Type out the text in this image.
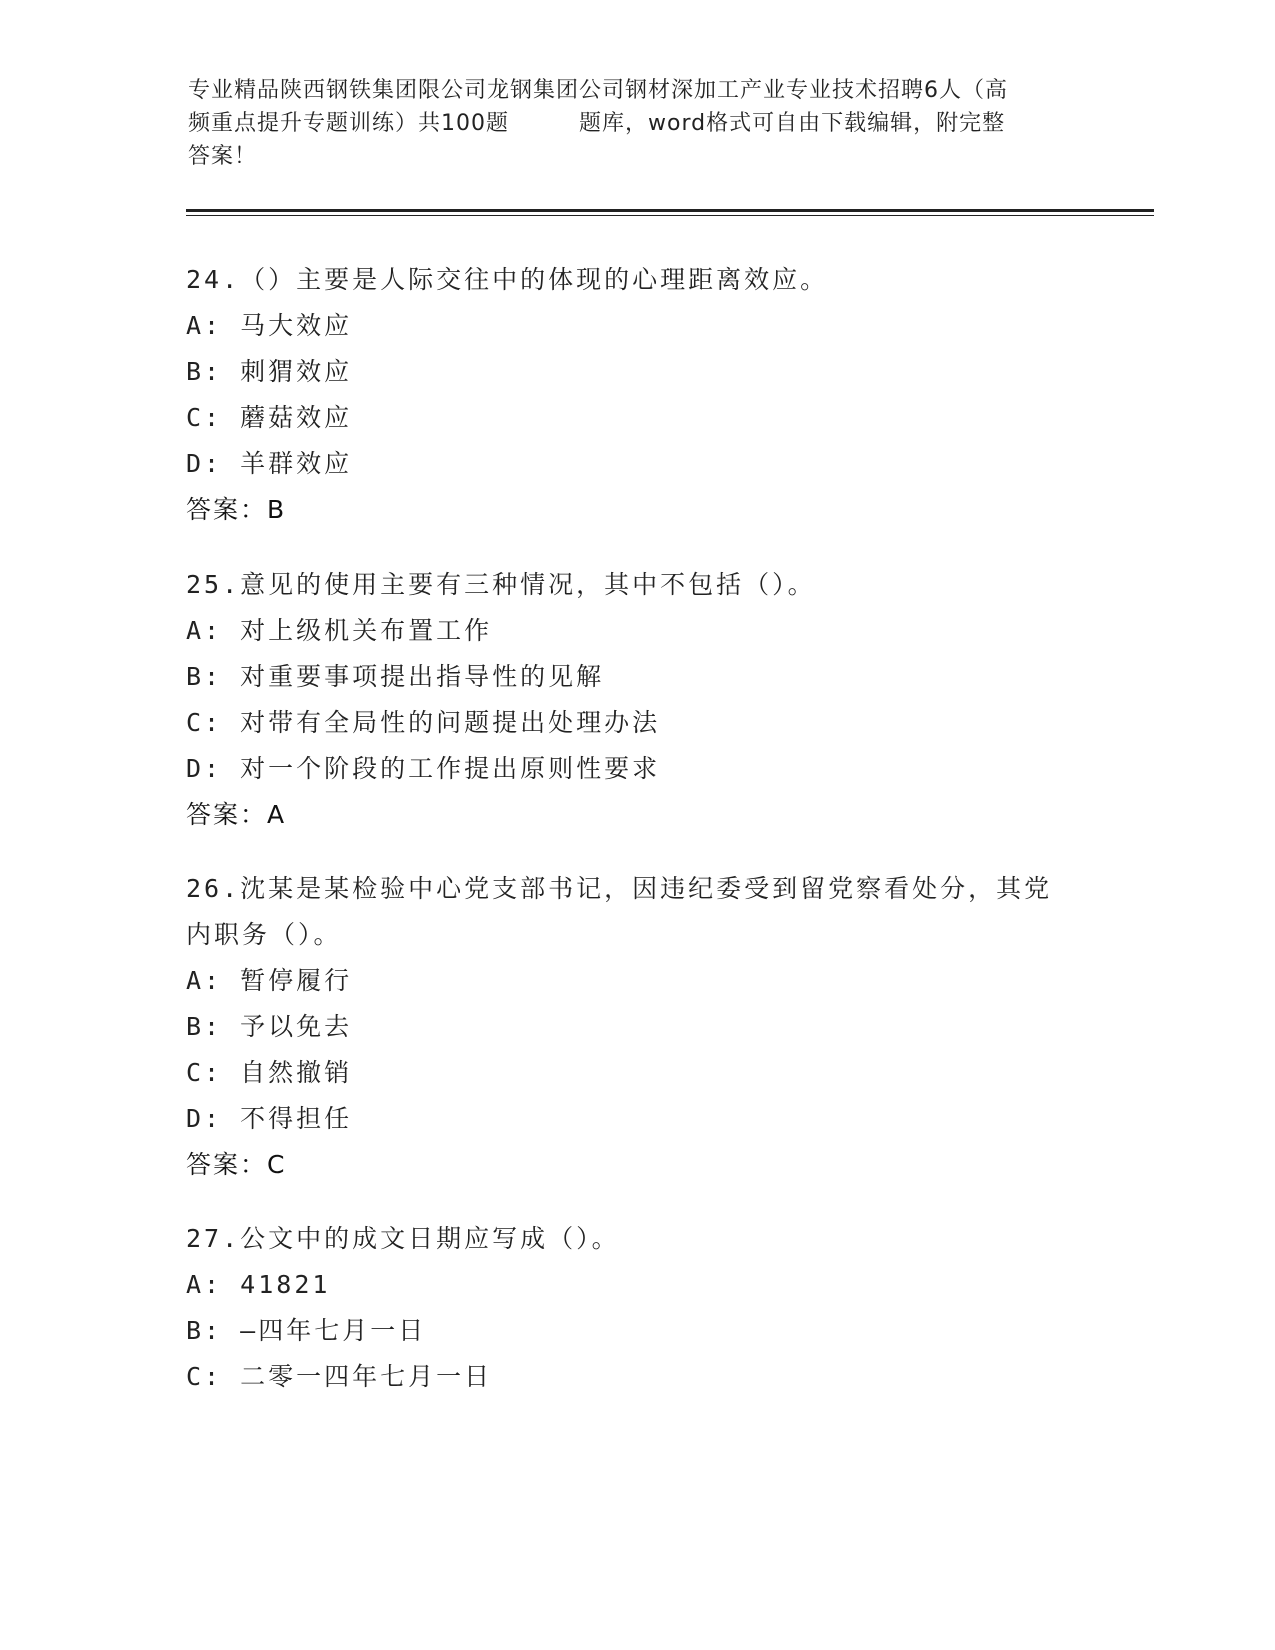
专业精品陕西钢铁集团限公司龙钢集团公司钢材深加工产业专业技术招聘6人（高
频重点提升专题训练）共100题	题库，word格式可自由下载编辑，附完整
答案！
24.（）主要是人际交往中的体现的心理距离效应。
A: 马大效应
B: 刺猬效应
C: 蘑菇效应
D: 羊群效应
答案：B
25.意见的使用主要有三种情况，其中不包括（）。
A: 对上级机关布置工作
B: 对重要事项提出指导性的见解
C: 对带有全局性的问题提出处理办法
D: 对一个阶段的工作提出原则性要求
答案：A
26.沈某是某检验中心党支部书记，因违纪委受到留党察看处分，其党
内职务（）。
A: 暂停履行
B: 予以免去
C: 自然撤销
D: 不得担任
答案：C
27.公文中的成文日期应写成（）。
A: 41821
B: —四年七月一日
C: 二零一四年七月一日
